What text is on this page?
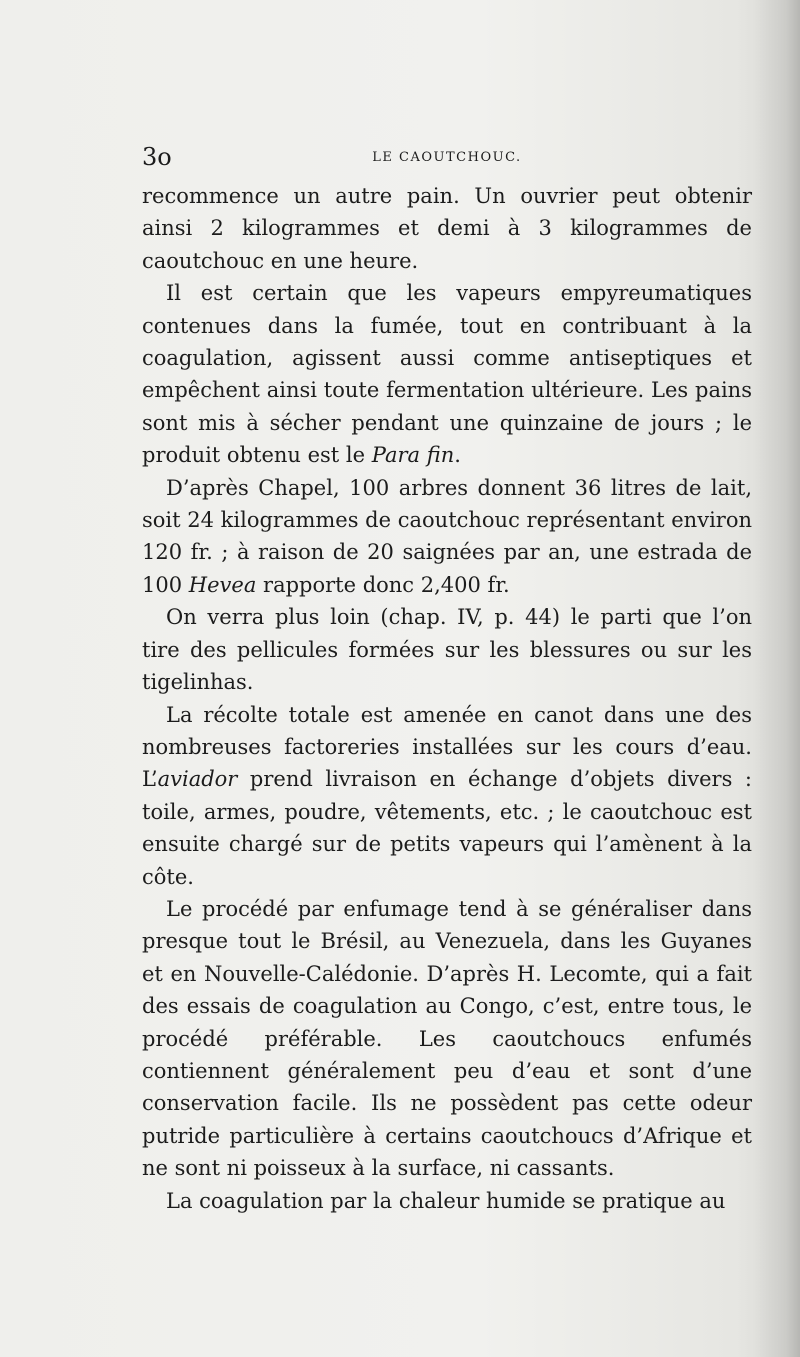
3o	LE CAOUTCHOUC.

recommence un autre pain. Un ouvrier peut obtenir ainsi 2 kilogrammes et demi à 3 kilogrammes de caoutchouc en une heure.

Il est certain que les vapeurs empyreumatiques contenues dans la fumée, tout en contribuant à la coagulation, agissent aussi comme antiseptiques et empêchent ainsi toute fermentation ultérieure. Les pains sont mis à sécher pendant une quinzaine de jours ; le produit obtenu est le Para fin.

D’après Chapel, 100 arbres donnent 36 litres de lait, soit 24 kilogrammes de caoutchouc représentant environ 120 fr. ; à raison de 20 saignées par an, une estrada de 100 Hevea rapporte donc 2,400 fr.

On verra plus loin (chap. IV, p. 44) le parti que l’on tire des pellicules formées sur les blessures ou sur les tigelinhas.

La récolte totale est amenée en canot dans une des nombreuses factoreries installées sur les cours d’eau. L’aviador prend livraison en échange d’objets divers : toile, armes, poudre, vêtements, etc. ; le caoutchouc est ensuite chargé sur de petits vapeurs qui l’amènent à la côte.

Le procédé par enfumage tend à se généraliser dans presque tout le Brésil, au Venezuela, dans les Guyanes et en Nouvelle-Calédonie. D’après H. Lecomte, qui a fait des essais de coagulation au Congo, c’est, entre tous, le procédé préférable. Les caoutchoucs enfumés contiennent généralement peu d’eau et sont d’une conservation facile. Ils ne possèdent pas cette odeur putride particulière à certains caoutchoucs d’Afrique et ne sont ni poisseux à la surface, ni cassants.

La coagulation par la chaleur humide se pratique au
